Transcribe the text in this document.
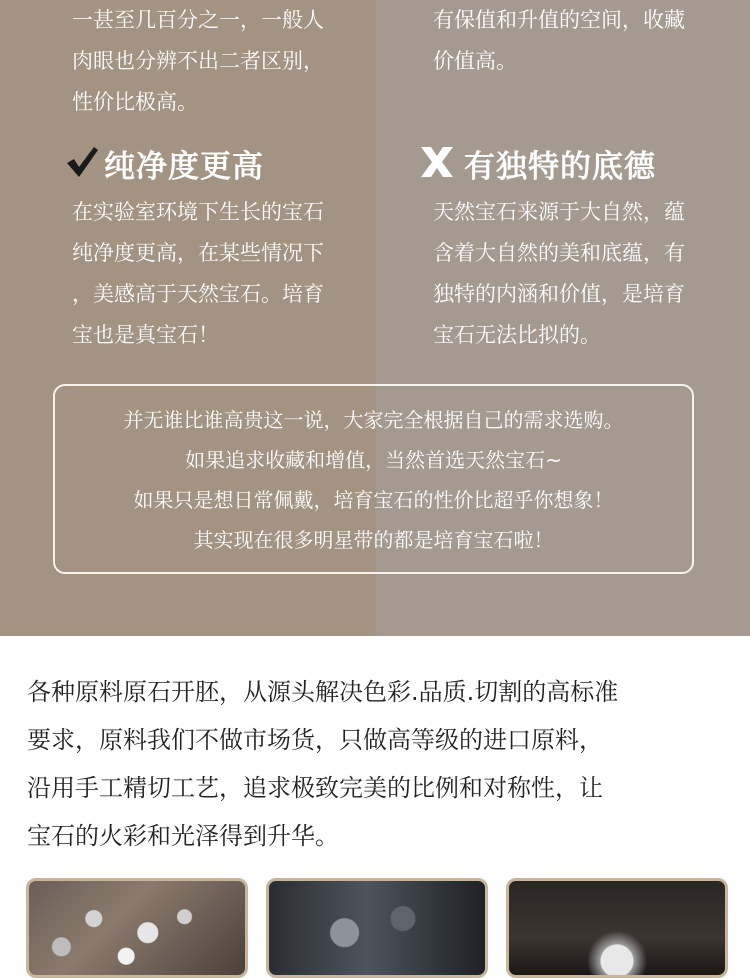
一甚至几百分之一，一般人
肉眼也分辨不出二者区别，
性价比极高。
有保值和升值的空间，收藏
价值高。
纯净度更高	有独特的底德
在实验室环境下生长的宝石
纯净度更高，在某些情况下
，美感高于天然宝石。培育
宝也是真宝石！
天然宝石来源于大自然，蕴
含着大自然的美和底蕴，有
独特的内涵和价值，是培育
宝石无法比拟的。
并无谁比谁高贵这一说，大家完全根据自己的需求选购。
如果追求收藏和增值，当然首选天然宝石~
如果只是想日常佩戴，培育宝石的性价比超乎你想象！
其实现在很多明星带的都是培育宝石啦！
各种原料原石开胚，从源头解决色彩.品质.切割的高标准
要求，原料我们不做市场货，只做高等级的进口原料，
沿用手工精切工艺，追求极致完美的比例和对称性，让
宝石的火彩和光泽得到升华。
